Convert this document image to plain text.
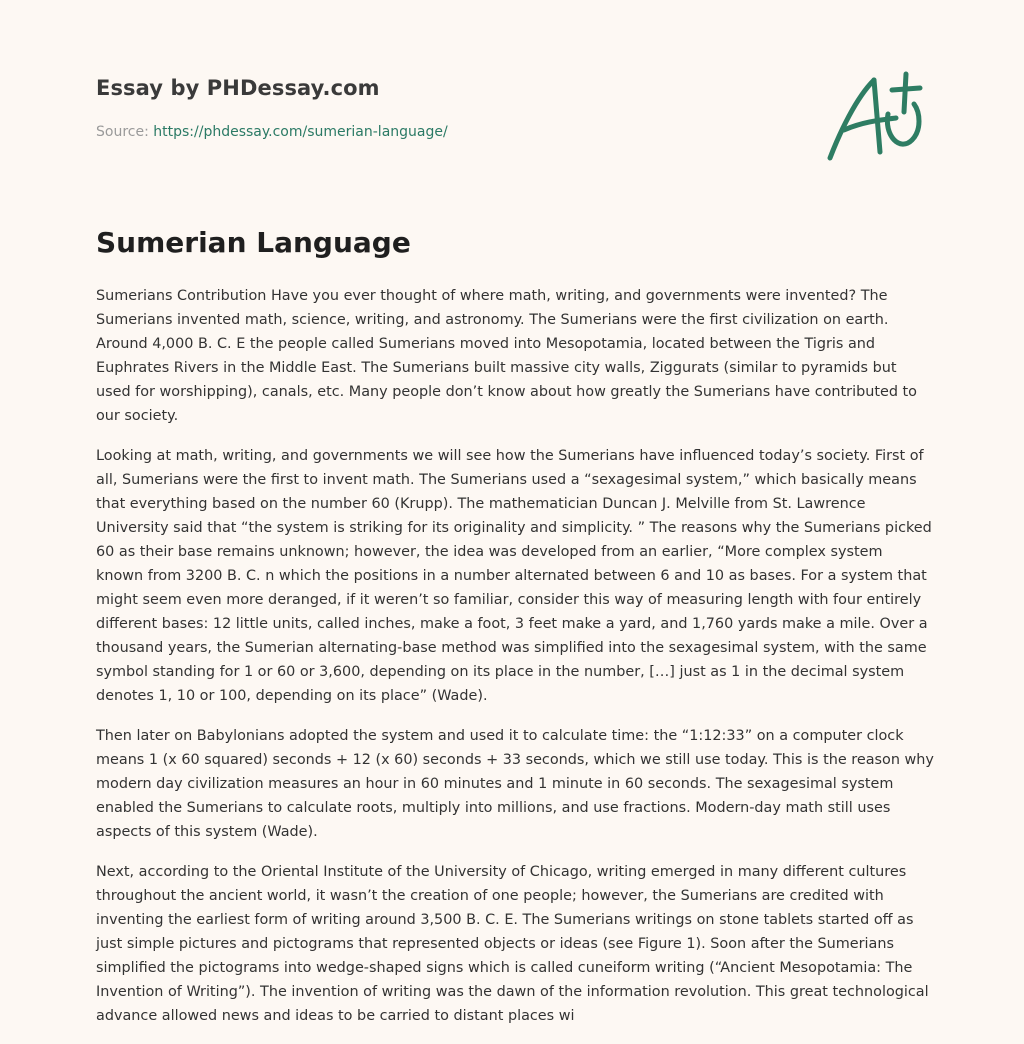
Essay by PHDessay.com
Source: https://phdessay.com/sumerian-language/
Sumerian Language

Sumerians Contribution Have you ever thought of where math, writing, and governments were invented? The Sumerians invented math, science, writing, and astronomy. The Sumerians were the first civilization on earth. Around 4,000 B. C. E the people called Sumerians moved into Mesopotamia, located between the Tigris and Euphrates Rivers in the Middle East. The Sumerians built massive city walls, Ziggurats (similar to pyramids but used for worshipping), canals, etc. Many people don’t know about how greatly the Sumerians have contributed to our society.

Looking at math, writing, and governments we will see how the Sumerians have influenced today’s society. First of all, Sumerians were the first to invent math. The Sumerians used a “sexagesimal system,” which basically means that everything based on the number 60 (Krupp). The mathematician Duncan J. Melville from St. Lawrence University said that “the system is striking for its originality and simplicity. ” The reasons why the Sumerians picked 60 as their base remains unknown; however, the idea was developed from an earlier, “More complex system known from 3200 B. C. n which the positions in a number alternated between 6 and 10 as bases. For a system that might seem even more deranged, if it weren’t so familiar, consider this way of measuring length with four entirely different bases: 12 little units, called inches, make a foot, 3 feet make a yard, and 1,760 yards make a mile. Over a thousand years, the Sumerian alternating-base method was simplified into the sexagesimal system, with the same symbol standing for 1 or 60 or 3,600, depending on its place in the number, […] just as 1 in the decimal system denotes 1, 10 or 100, depending on its place” (Wade).

Then later on Babylonians adopted the system and used it to calculate time: the “1:12:33” on a computer clock means 1 (x 60 squared) seconds + 12 (x 60) seconds + 33 seconds, which we still use today. This is the reason why modern day civilization measures an hour in 60 minutes and 1 minute in 60 seconds. The sexagesimal system enabled the Sumerians to calculate roots, multiply into millions, and use fractions. Modern-day math still uses aspects of this system (Wade).

Next, according to the Oriental Institute of the University of Chicago, writing emerged in many different cultures throughout the ancient world, it wasn’t the creation of one people; however, the Sumerians are credited with inventing the earliest form of writing around 3,500 B. C. E. The Sumerians writings on stone tablets started off as just simple pictures and pictograms that represented objects or ideas (see Figure 1). Soon after the Sumerians simplified the pictograms into wedge-shaped signs which is called cuneiform writing (“Ancient Mesopotamia: The Invention of Writing”). The invention of writing was the dawn of the information revolution. This great technological advance allowed news and ideas to be carried to distant places wi
